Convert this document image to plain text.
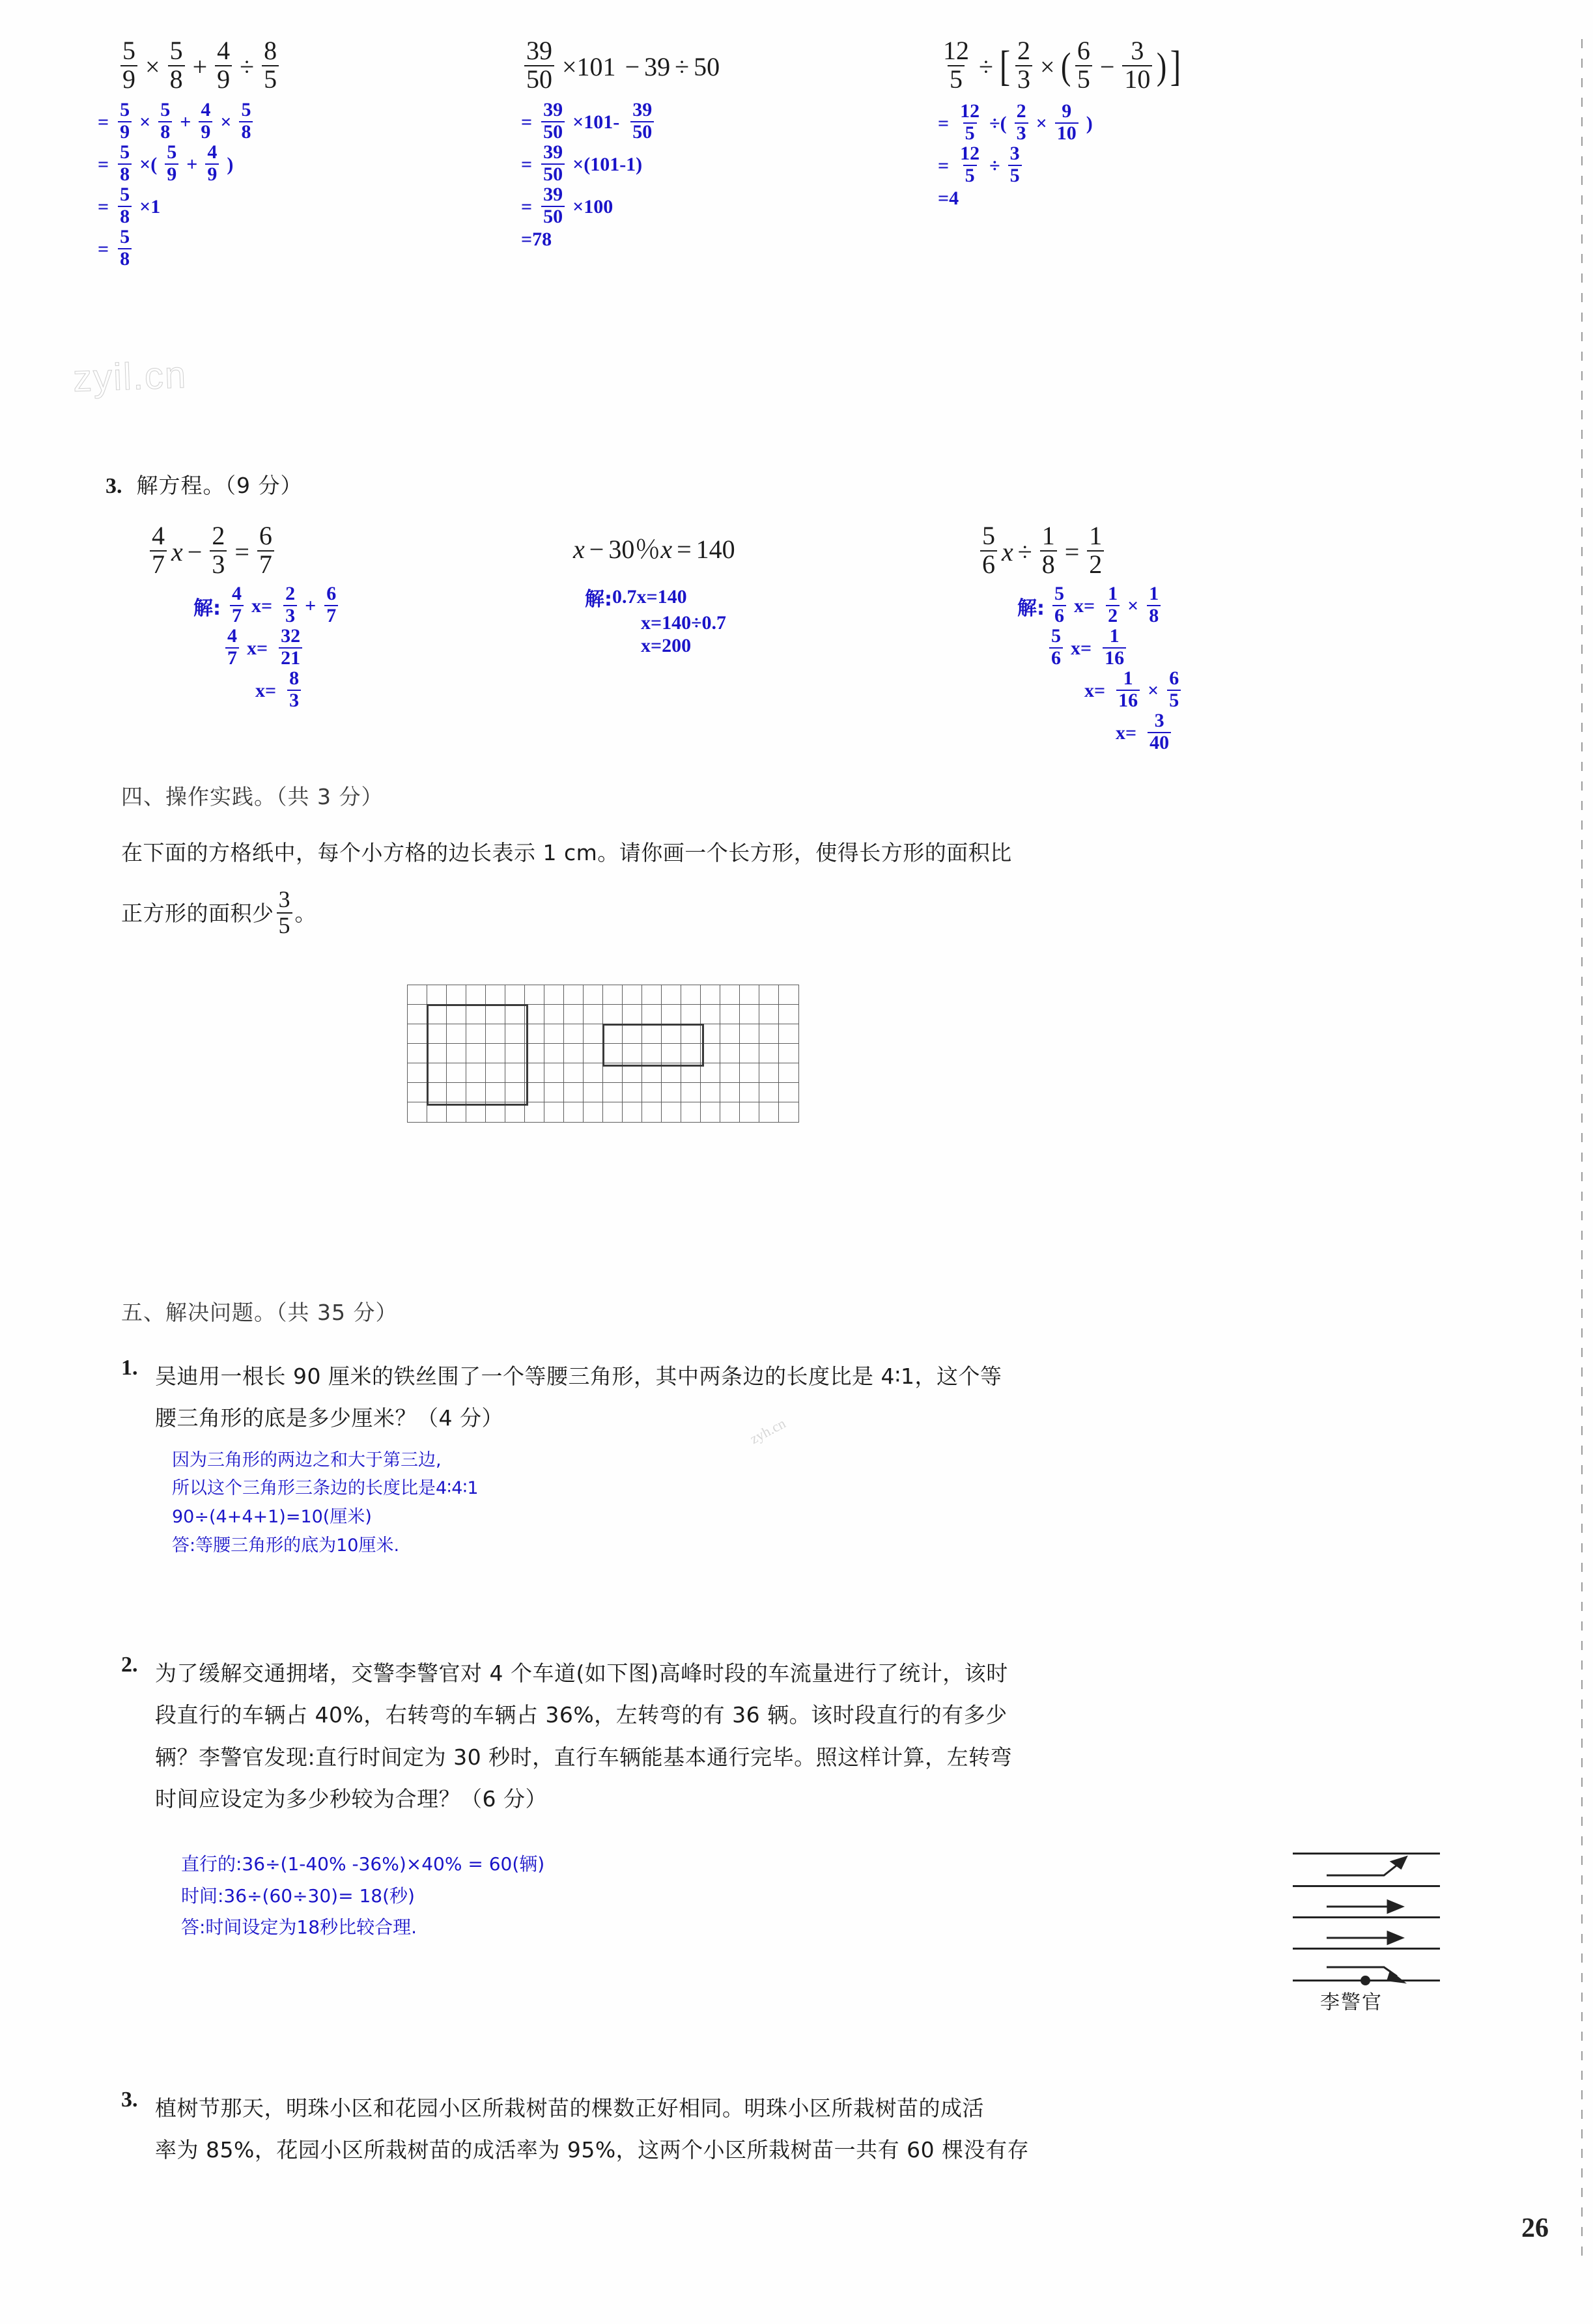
$\frac{5}{9} \times \frac{5}{8} + \frac{4}{9} \div \frac{8}{5}$
= $\frac{5}{9} \times \frac{5}{8} + \frac{4}{9} \times \frac{5}{8}$
= $\frac{5}{8}$ ×( $\frac{5}{9} + \frac{4}{9}$ )
= $\frac{5}{8} \times 1$
= $\frac{5}{8}$
$\frac{39}{50} \times 101 - 39 \div 50$
= $\frac{39}{50} \times 101- \frac{39}{50}$
= $\frac{39}{50} \times(101-1)$
= $\frac{39}{50} \times 100$
=78
$\frac{12}{5}$ ÷ [ $\frac{2}{3}$ × ( $\frac{6}{5} - \frac{3}{10}$ ) ]
= $\frac{12}{5}$ ÷( $\frac{2}{3} \times \frac{9}{10}$ )
= $\frac{12}{5} \div \frac{3}{5}$
=4
zyil.cn
3. 解方程。（9 分）
$\frac{4}{7}$ $x - \frac{2}{3} = \frac{6}{7}$
解: $\frac{4}{7} x= \frac{2}{3} + \frac{6}{7}$
$\frac{4}{7} x= \frac{32}{21}$
$x= \frac{8}{3}$
x − 30％x = 140
解: 0.7x=140
x=140÷0.7
x=200
$\frac{5}{6}$ $x \div \frac{1}{8} = \frac{1}{2}$
解: $\frac{5}{6} x= \frac{1}{2} \times \frac{1}{8}$
$\frac{5}{6} x= \frac{1}{16}$
$x= \frac{1}{16} \times \frac{6}{5}$
$x= \frac{3}{40}$
四、操作实践。（共 3 分）
在下面的方格纸中，每个小方格的边长表示 1 cm。请你画一个长方形，使得长方形的面积比
正方形的面积少 $\frac{3}{5}$ 。
五、解决问题。（共 35 分）
1. 吴迪用一根长 90 厘米的铁丝围了一个等腰三角形，其中两条边的长度比是 4∶1，这个等
腰三角形的底是多少厘米？（4 分）
因为三角形的两边之和大于第三边,
所以这个三角形三条边的长度比是4∶4∶1
90÷(4+4+1)=10(厘米)
答:等腰三角形的底为10厘米.
2. 为了缓解交通拥堵，交警李警官对 4 个车道(如下图)高峰时段的车流量进行了统计，该时
段直行的车辆占 40%，右转弯的车辆占 36%，左转弯的有 36 辆。该时段直行的有多少
辆？李警官发现:直行时间定为 30 秒时，直行车辆能基本通行完毕。照这样计算，左转弯
时间应设定为多少秒较为合理？（6 分）
直行的:36÷(1-40% -36%)×40% = 60(辆)
时间:36÷(60÷30)= 18(秒)
答:时间设定为18秒比较合理.
李警官
3. 植树节那天，明珠小区和花园小区所栽树苗的棵数正好相同。明珠小区所栽树苗的成活
率为 85%，花园小区所栽树苗的成活率为 95%，这两个小区所栽树苗一共有 60 棵没有存
zyh.cn
26
